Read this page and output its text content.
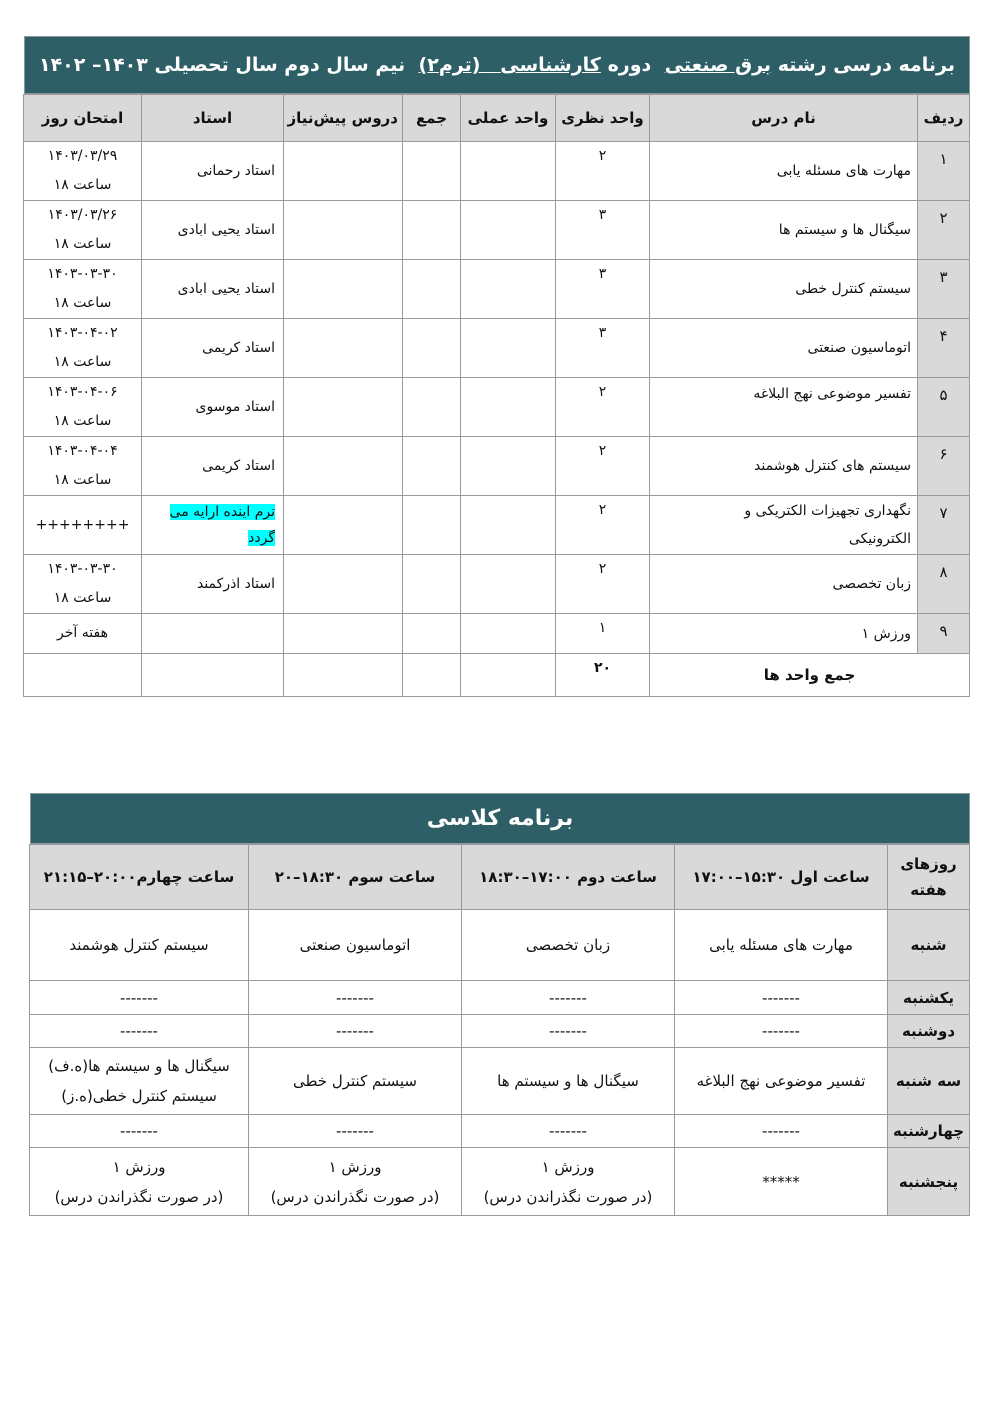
برنامه درسی رشته
برق صنعتی
دوره
کارشناسی   (ترم۲)
نیم سال دوم سال تحصیلی ۱۴۰۳– ۱۴۰۲
ردیف	نام درس	واحد نظری	واحد عملی	جمع	دروس پیش‌نیاز	استاد	امتحان روز
۱	مهارت های مسئله یابی	۲				استاد رحمانی	۱۴۰۳/۰۳/۲۹
ساعت ۱۸

۲	سیگنال ها و سیستم ها	۳				استاد یحیی ابادی	۱۴۰۳/۰۳/۲۶
ساعت ۱۸

۳	سیستم کنترل خطی	۳				استاد یحیی ابادی	۱۴۰۳-۰۳-۳۰
ساعت ۱۸

۴	اتوماسیون صنعتی	۳				استاد کریمی	۱۴۰۳-۰۴-۰۲
ساعت ۱۸

۵	تفسیر موضوعی نهج البلاغه	۲				استاد موسوی	۱۴۰۳-۰۴-۰۶
ساعت ۱۸

۶	سیستم های کنترل هوشمند	۲				استاد کریمی	۱۴۰۳-۰۴-۰۴
ساعت ۱۸

۷	نگهداری تجهیزات الکتریکی و
الکترونیکی	۲				ترم اینده ارایه می
گردد	++++++++
۸	زبان تخصصی	۲				استاد اذرکمند	۱۴۰۳-۰۳-۳۰
ساعت ۱۸

۹	ورزش ۱	۱					هفته آخر
جمع واحد ها		۲۰					
برنامه کلاسی
روزهای هفته	ساعت اول ۱۵:۳۰–۱۷:۰۰	ساعت دوم ۱۷:۰۰–۱۸:۳۰	ساعت سوم ۱۸:۳۰–۲۰	ساعت چهارم۲۰:۰۰–۲۱:۱۵
شنبه	مهارت های مسئله یابی	زبان تخصصی	اتوماسیون صنعتی	سیستم کنترل هوشمند
یکشنبه	-------	-------	-------	-------
دوشنبه	-------	-------	-------	-------
سه شنبه	تفسیر موضوعی نهج البلاغه	سیگنال ها و سیستم ها	سیستم کنترل خطی	سیگنال ها و سیستم ها(ه.ف)
سیستم کنترل خطی(ه.ز)

چهارشنبه	-------	-------	-------	-------
پنجشنبه	*****	ورزش ۱
(در صورت نگذراندن درس)	ورزش ۱
(در صورت نگذراندن درس)	ورزش ۱
(در صورت نگذراندن درس)
